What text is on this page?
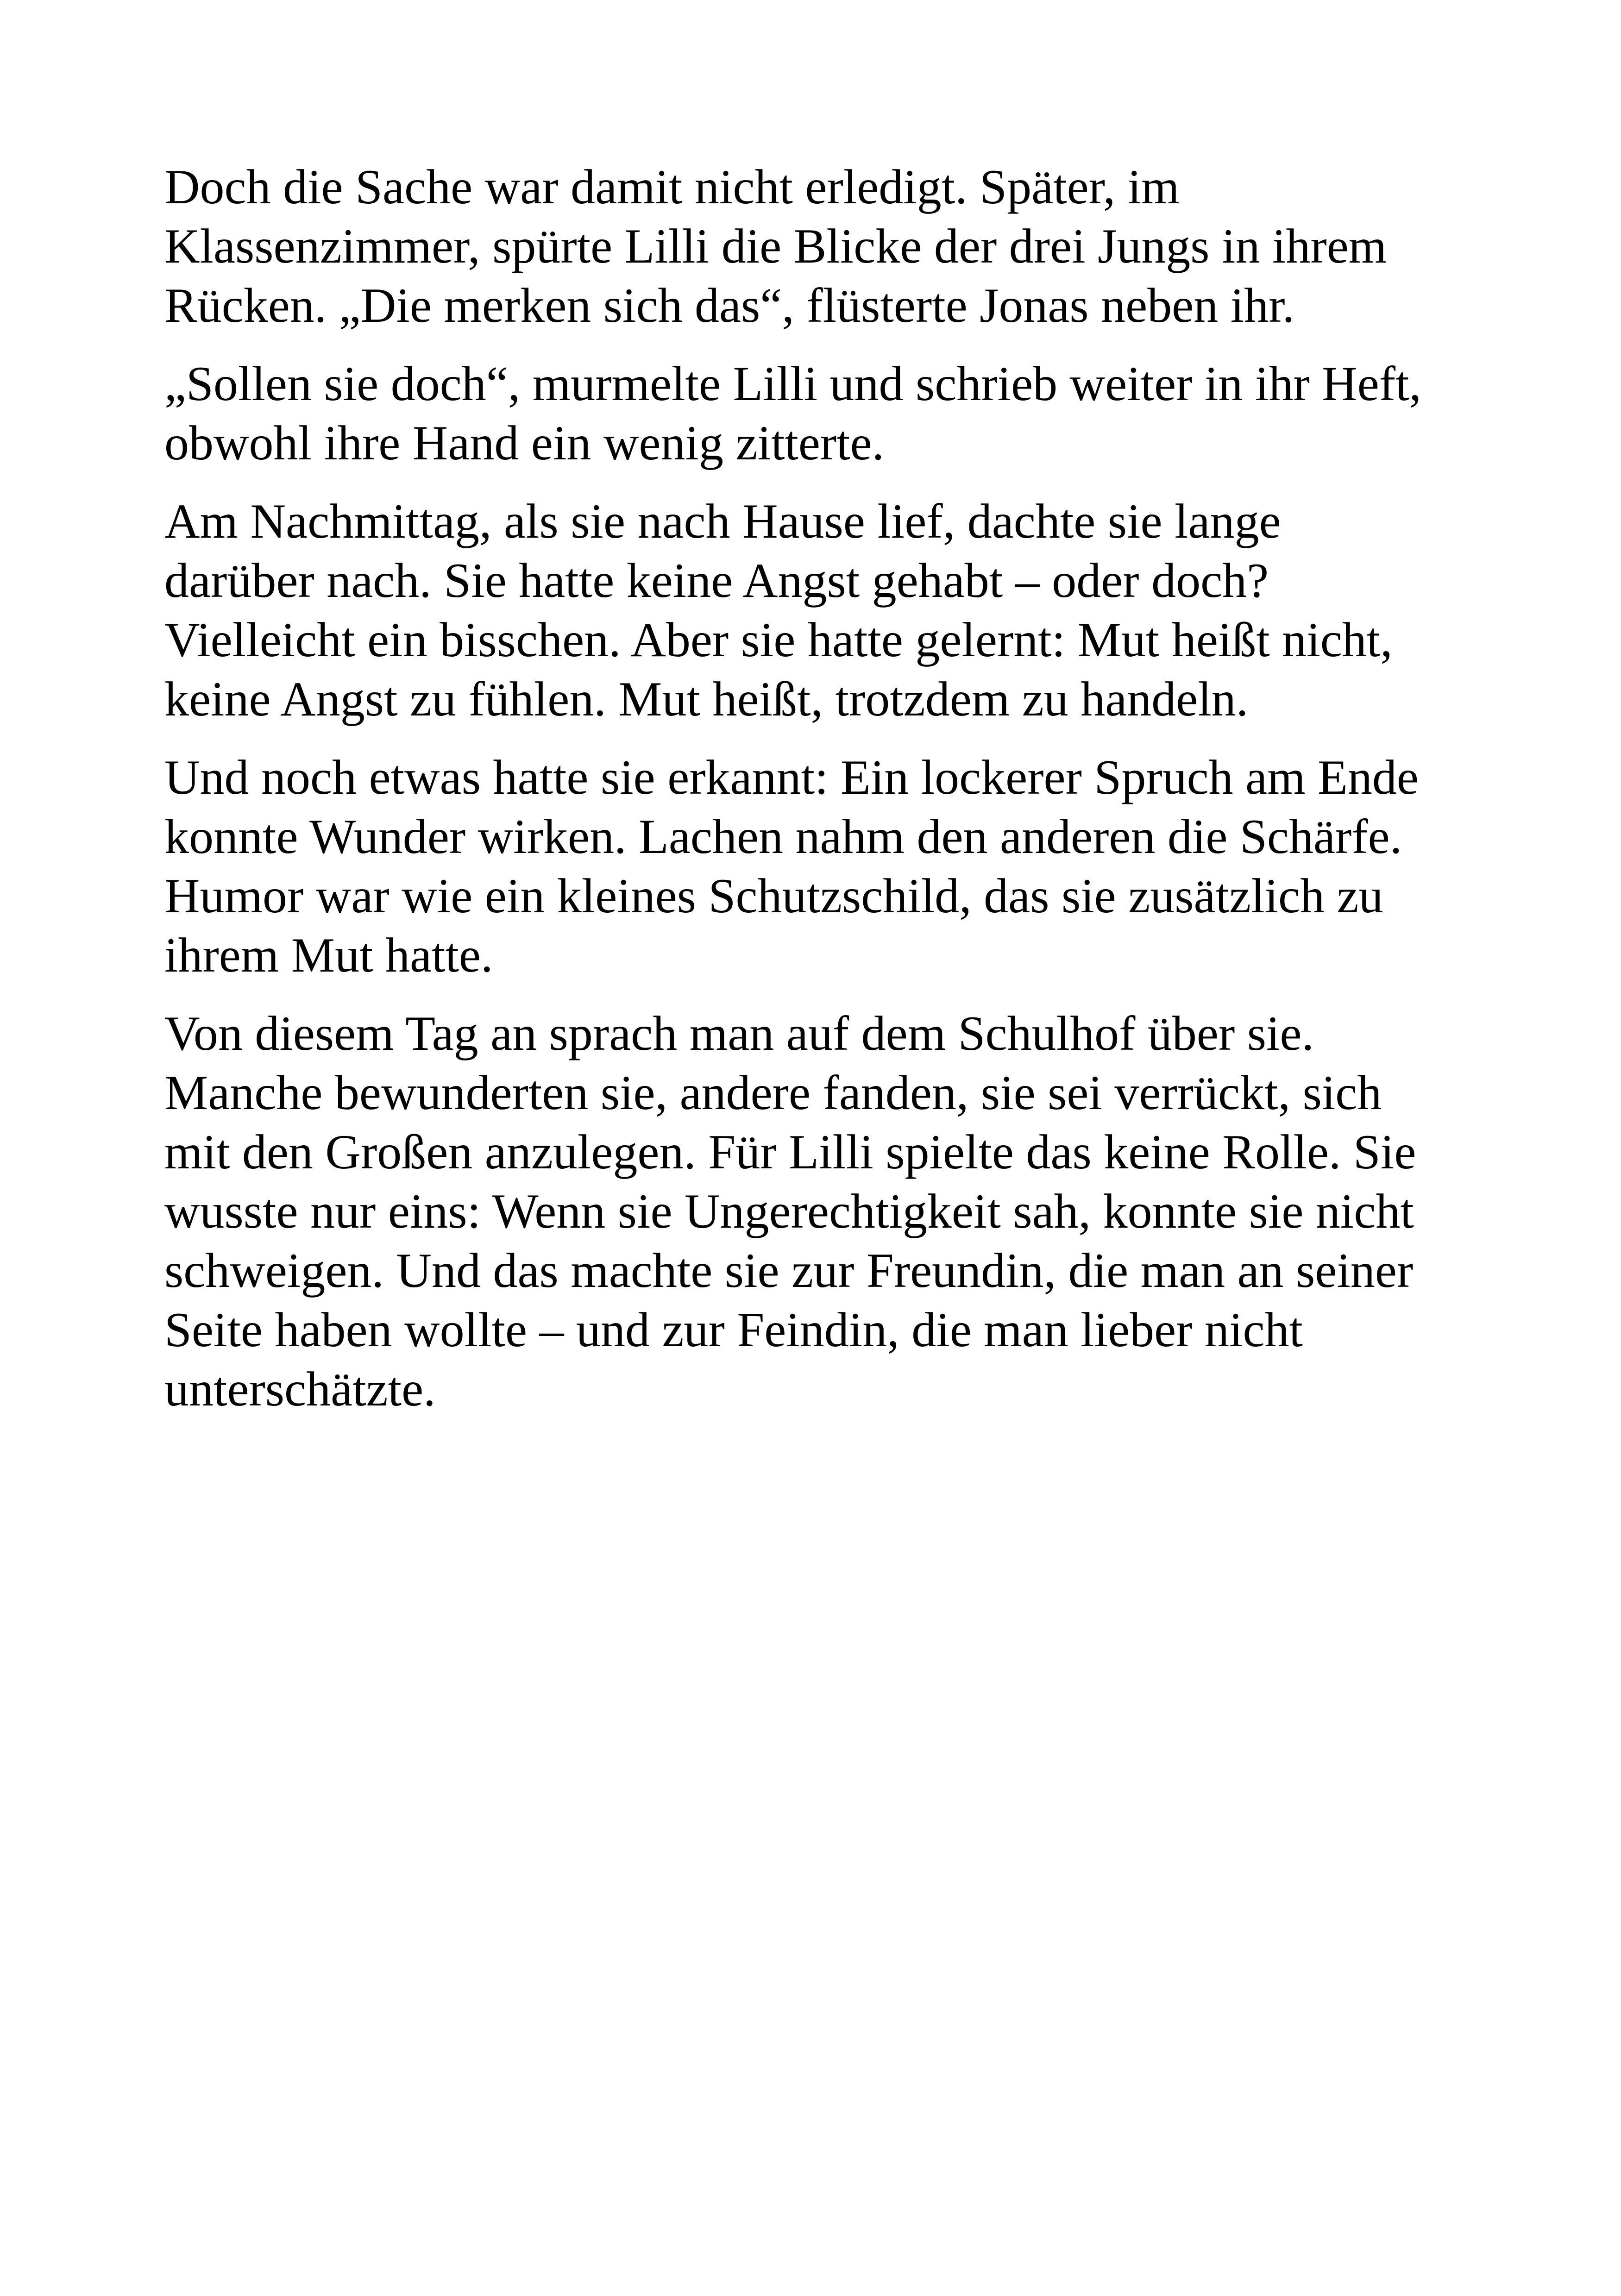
Doch die Sache war damit nicht erledigt. Später, im
Klassenzimmer, spürte Lilli die Blicke der drei Jungs in ihrem
Rücken. „Die merken sich das“, flüsterte Jonas neben ihr.

„Sollen sie doch“, murmelte Lilli und schrieb weiter in ihr Heft,
obwohl ihre Hand ein wenig zitterte.

Am Nachmittag, als sie nach Hause lief, dachte sie lange
darüber nach. Sie hatte keine Angst gehabt – oder doch?
Vielleicht ein bisschen. Aber sie hatte gelernt: Mut heißt nicht,
keine Angst zu fühlen. Mut heißt, trotzdem zu handeln.

Und noch etwas hatte sie erkannt: Ein lockerer Spruch am Ende
konnte Wunder wirken. Lachen nahm den anderen die Schärfe.
Humor war wie ein kleines Schutzschild, das sie zusätzlich zu
ihrem Mut hatte.

Von diesem Tag an sprach man auf dem Schulhof über sie.
Manche bewunderten sie, andere fanden, sie sei verrückt, sich
mit den Großen anzulegen. Für Lilli spielte das keine Rolle. Sie
wusste nur eins: Wenn sie Ungerechtigkeit sah, konnte sie nicht
schweigen. Und das machte sie zur Freundin, die man an seiner
Seite haben wollte – und zur Feindin, die man lieber nicht
unterschätzte.
